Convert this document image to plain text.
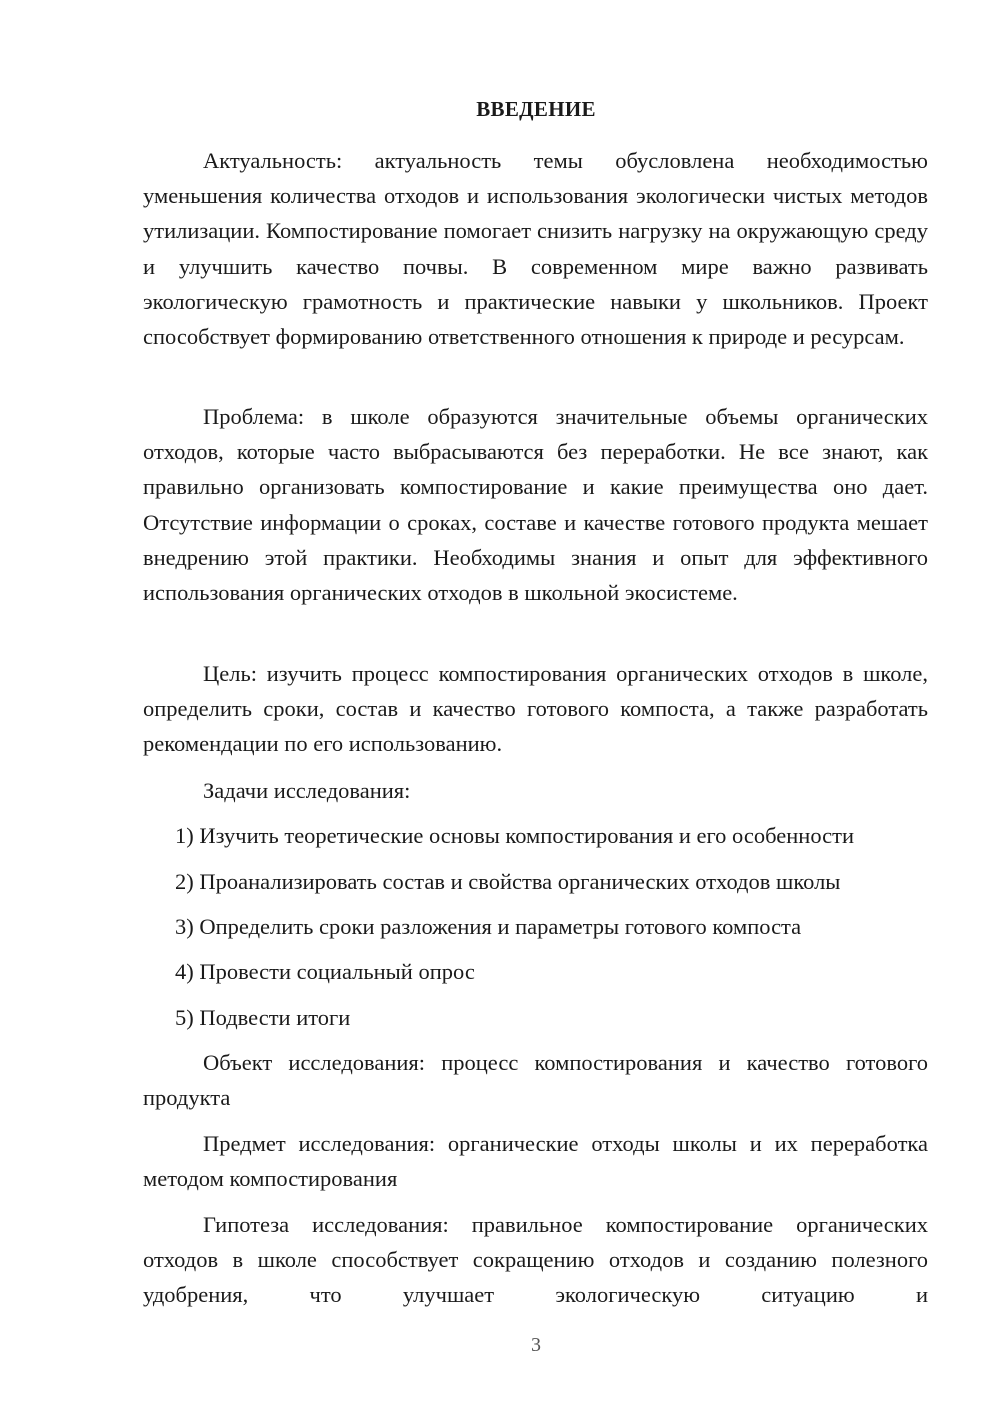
ВВЕДЕНИЕ

Актуальность: актуальность темы обусловлена необходимостью уменьшения количества отходов и использования экологически чистых методов утилизации. Компостирование помогает снизить нагрузку на окружающую среду и улучшить качество почвы. В современном мире важно развивать экологическую грамотность и практические навыки у школьников. Проект способствует формированию ответственного отношения к природе и ресурсам.

Проблема: в школе образуются значительные объемы органических отходов, которые часто выбрасываются без переработки. Не все знают, как правильно организовать компостирование и какие преимущества оно дает. Отсутствие информации о сроках, составе и качестве готового продукта мешает внедрению этой практики. Необходимы знания и опыт для эффективного использования органических отходов в школьной экосистеме.

Цель: изучить процесс компостирования органических отходов в школе, определить сроки, состав и качество готового компоста, а также разработать рекомендации по его использованию.

Задачи исследования:

1) Изучить теоретические основы компостирования и его особенности
2) Проанализировать состав и свойства органических отходов школы
3) Определить сроки разложения и параметры готового компоста
4) Провести социальный опрос
5) Подвести итоги

Объект исследования: процесс компостирования и качество готового продукта

Предмет исследования: органические отходы школы и их переработка методом компостирования

Гипотеза исследования: правильное компостирование органических отходов в школе способствует сокращению отходов и созданию полезного удобрения, что улучшает экологическую ситуацию и

3
